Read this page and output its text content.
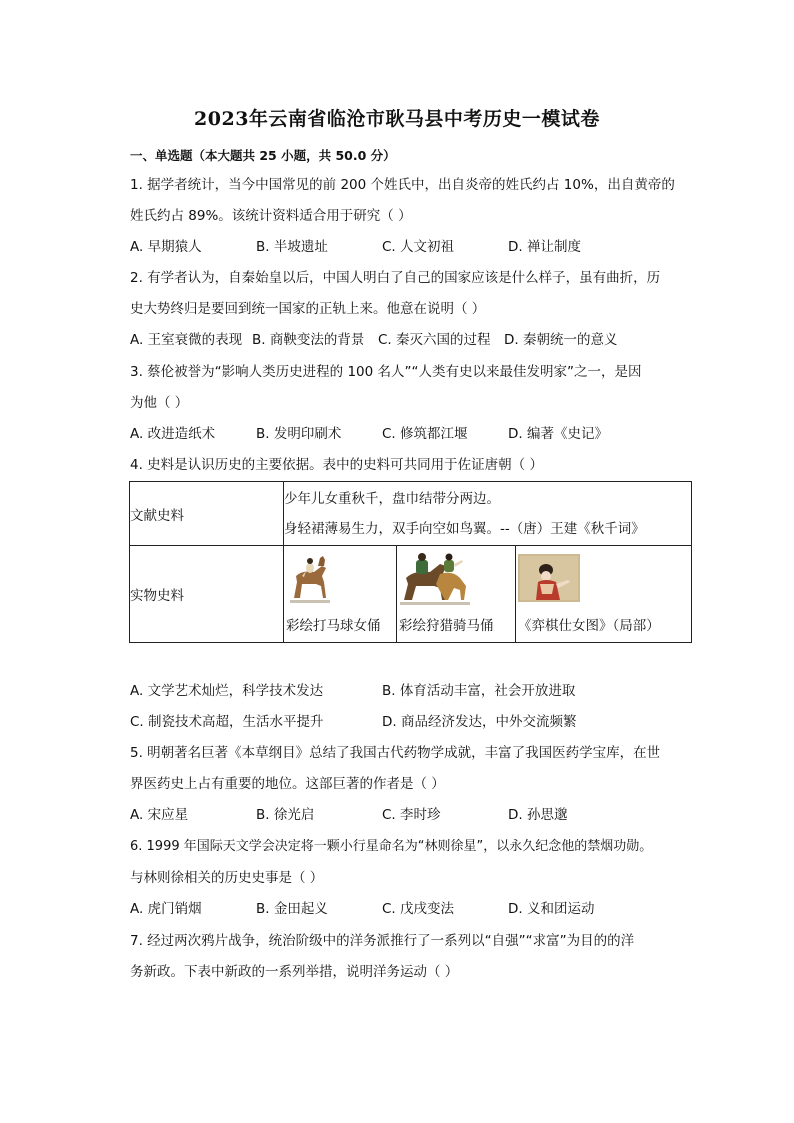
2023年云南省临沧市耿马县中考历史一模试卷
一、单选题（本大题共 25 小题，共 50.0 分）
1. 据学者统计，当今中国常见的前 200 个姓氏中，出自炎帝的姓氏约占 10%，出自黄帝的
姓氏约占 89%。该统计资料适合用于研究（ ）
A. 早期猿人	B. 半坡遗址	C. 人文初祖	D. 禅让制度
2. 有学者认为，自秦始皇以后，中国人明白了自己的国家应该是什么样子，虽有曲折，历
史大势终归是要回到统一国家的正轨上来。他意在说明（ ）
A. 王室衰微的表现 B. 商鞅变法的背景 C. 秦灭六国的过程 D. 秦朝统一的意义
3. 蔡伦被誉为“影响人类历史进程的 100 名人”“人类有史以来最佳发明家”之一，是因
为他（ ）
A. 改进造纸术	B. 发明印刷术	C. 修筑都江堰	D. 编著《史记》
4. 史料是认识历史的主要依据。表中的史料可共同用于佐证唐朝（ ）
文献史料	少年儿女重秋千，盘巾结带分两边。
身轻裙薄易生力，双手向空如鸟翼。--（唐）王建《秋千词》		

实物史料	彩绘打马球女俑	彩绘狩猎骑马俑	《弈棋仕女图》（局部）
A. 文学艺术灿烂，科学技术发达	B. 体育活动丰富，社会开放进取
C. 制瓷技术高超，生活水平提升	D. 商品经济发达，中外交流频繁
5. 明朝著名巨著《本草纲目》总结了我国古代药物学成就，丰富了我国医药学宝库，在世
界医药史上占有重要的地位。这部巨著的作者是（ ）
A. 宋应星	B. 徐光启	C. 李时珍	D. 孙思邈
6. 1999 年国际天文学会决定将一颗小行星命名为“林则徐星”，以永久纪念他的禁烟功勋。
与林则徐相关的历史史事是（ ）
A. 虎门销烟	B. 金田起义	C. 戊戌变法	D. 义和团运动
7. 经过两次鸦片战争，统治阶级中的洋务派推行了一系列以“自强”“求富”为目的的洋
务新政。下表中新政的一系列举措，说明洋务运动（ ）
